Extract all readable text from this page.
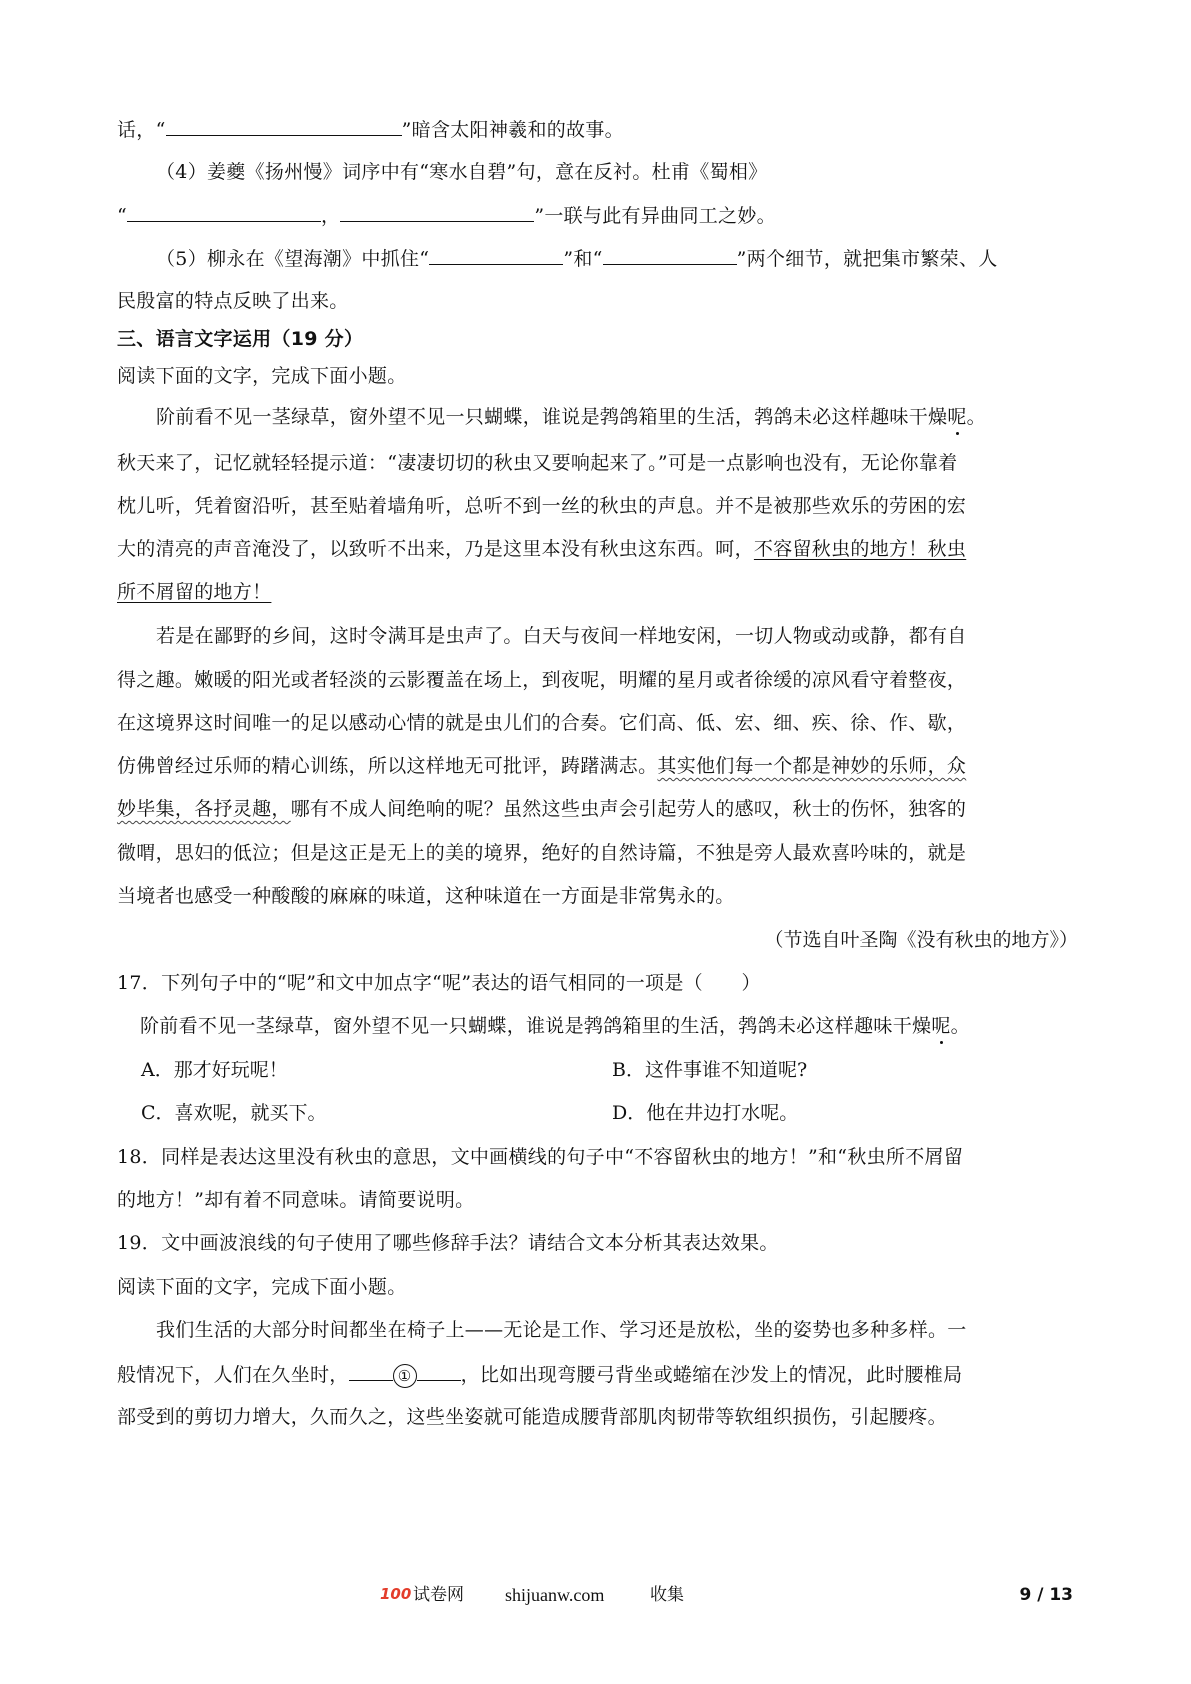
话，“	”暗含太阳神羲和的故事。
（4）姜夔《扬州慢》词序中有“寒水自碧”句，意在反衬。杜甫《蜀相》
“	，	”一联与此有异曲同工之妙。
（5）柳永在《望海潮》中抓住“	”和“	”两个细节，就把集市繁荣、人
民殷富的特点反映了出来。
三、语言文字运用（19 分）
阅读下面的文字，完成下面小题。
阶前看不见一茎绿草，窗外望不见一只蝴蝶，谁说是鹁鸽箱里的生活，鹁鸽未必这样趣味干燥呢。
秋天来了，记忆就轻轻提示道：“凄凄切切的秋虫又要响起来了。”可是一点影响也没有，无论你靠着
枕儿听，凭着窗沿听，甚至贴着墙角听，总听不到一丝的秋虫的声息。并不是被那些欢乐的劳困的宏
大的清亮的声音淹没了，以致听不出来，乃是这里本没有秋虫这东西。呵，不容留秋虫的地方！秋虫
所不屑留的地方！
若是在鄙野的乡间，这时令满耳是虫声了。白天与夜间一样地安闲，一切人物或动或静，都有自
得之趣。嫩暖的阳光或者轻淡的云影覆盖在场上，到夜呢，明耀的星月或者徐缓的凉风看守着整夜，
在这境界这时间唯一的足以感动心情的就是虫儿们的合奏。它们高、低、宏、细、疾、徐、作、歇，
仿佛曾经过乐师的精心训练，所以这样地无可批评，踌躇满志。其实他们每一个都是神妙的乐师，众
妙毕集，各抒灵趣，哪有不成人间绝响的呢？虽然这些虫声会引起劳人的感叹，秋士的伤怀，独客的
微喟，思妇的低泣；但是这正是无上的美的境界，绝好的自然诗篇，不独是旁人最欢喜吟味的，就是
当境者也感受一种酸酸的麻麻的味道，这种味道在一方面是非常隽永的。
（节选自叶圣陶《没有秋虫的地方》）
17．下列句子中的“呢”和文中加点字“呢”表达的语气相同的一项是（　　）
阶前看不见一茎绿草，窗外望不见一只蝴蝶，谁说是鹁鸽箱里的生活，鹁鸽未必这样趣味干燥呢。
A．那才好玩呢！	B．这件事谁不知道呢?
C．喜欢呢，就买下。	D．他在井边打水呢。
18．同样是表达这里没有秋虫的意思，文中画横线的句子中“不容留秋虫的地方！”和“秋虫所不屑留
的地方！”却有着不同意味。请简要说明。
19．文中画波浪线的句子使用了哪些修辞手法？请结合文本分析其表达效果。
阅读下面的文字，完成下面小题。
我们生活的大部分时间都坐在椅子上——无论是工作、学习还是放松，坐的姿势也多种多样。一
般情况下，人们在久坐时，	①	，比如出现弯腰弓背坐或蜷缩在沙发上的情况，此时腰椎局
部受到的剪切力增大，久而久之，这些坐姿就可能造成腰背部肌肉韧带等软组织损伤，引起腰疼。
100 试卷网 shijuanw.com	收集	9 / 13
